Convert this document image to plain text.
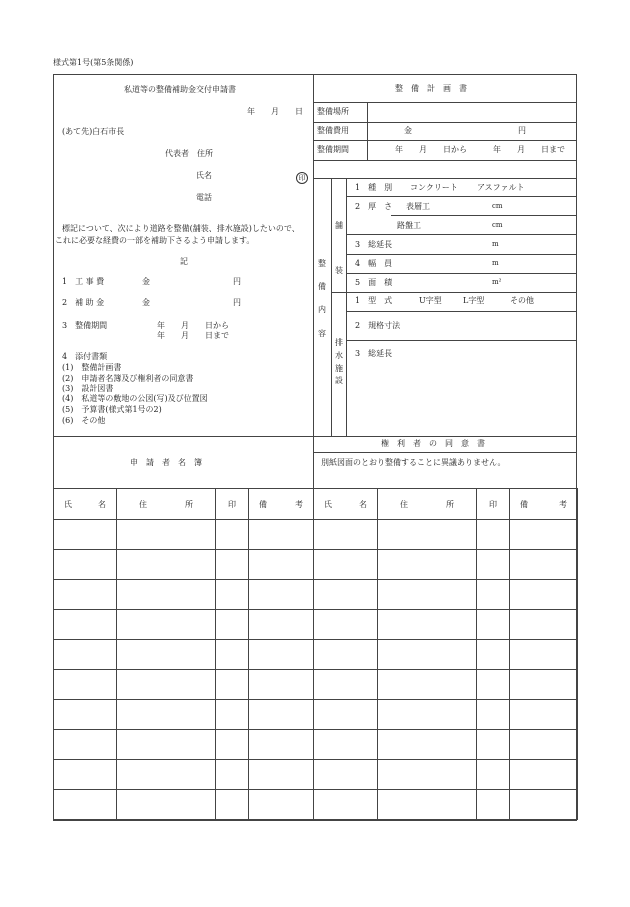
様式第1号(第5条関係)
私道等の整備補助金交付申請書
年　　月　　日
(あて先)白石市長
代表者　住所
氏名	印
電話
標記について、次により道路を整備(舗装、排水施設)したいので、
これに必要な経費の一部を補助下さるよう申請します。
記
1　工 事 費	金	円
2　補 助 金	金	円
3　整備期間	年　　月　　日から
年　　月　　日まで
4　添付書類
(1)　整備計画書
(2)　申請者名簿及び権利者の同意書
(3)　設計図書
(4)　私道等の敷地の公図(写)及び位置図
(5)　予算書(様式第1号の2)
(6)　その他
整　備　計　画　書
整備場所
整備費用	金	円
整備期間	年　　月　　日から	年　　月　　日まで
整備内容
舗装
排水施設
1　種　別 コンクリート アスファルト
2　厚　さ 表層工	cm
路盤工	cm
3　総延長	m
4　幅　員	m
5　面　積	m²
1　型　式	U字型	L字型	その他
2　規格寸法
3　総延長
申　請　者　名　簿
権　利　者　の　同　意　書
別紙図面のとおり整備することに異議ありません。
氏 名	住 所	印	備 考	氏 名	住 所	印	備 考
